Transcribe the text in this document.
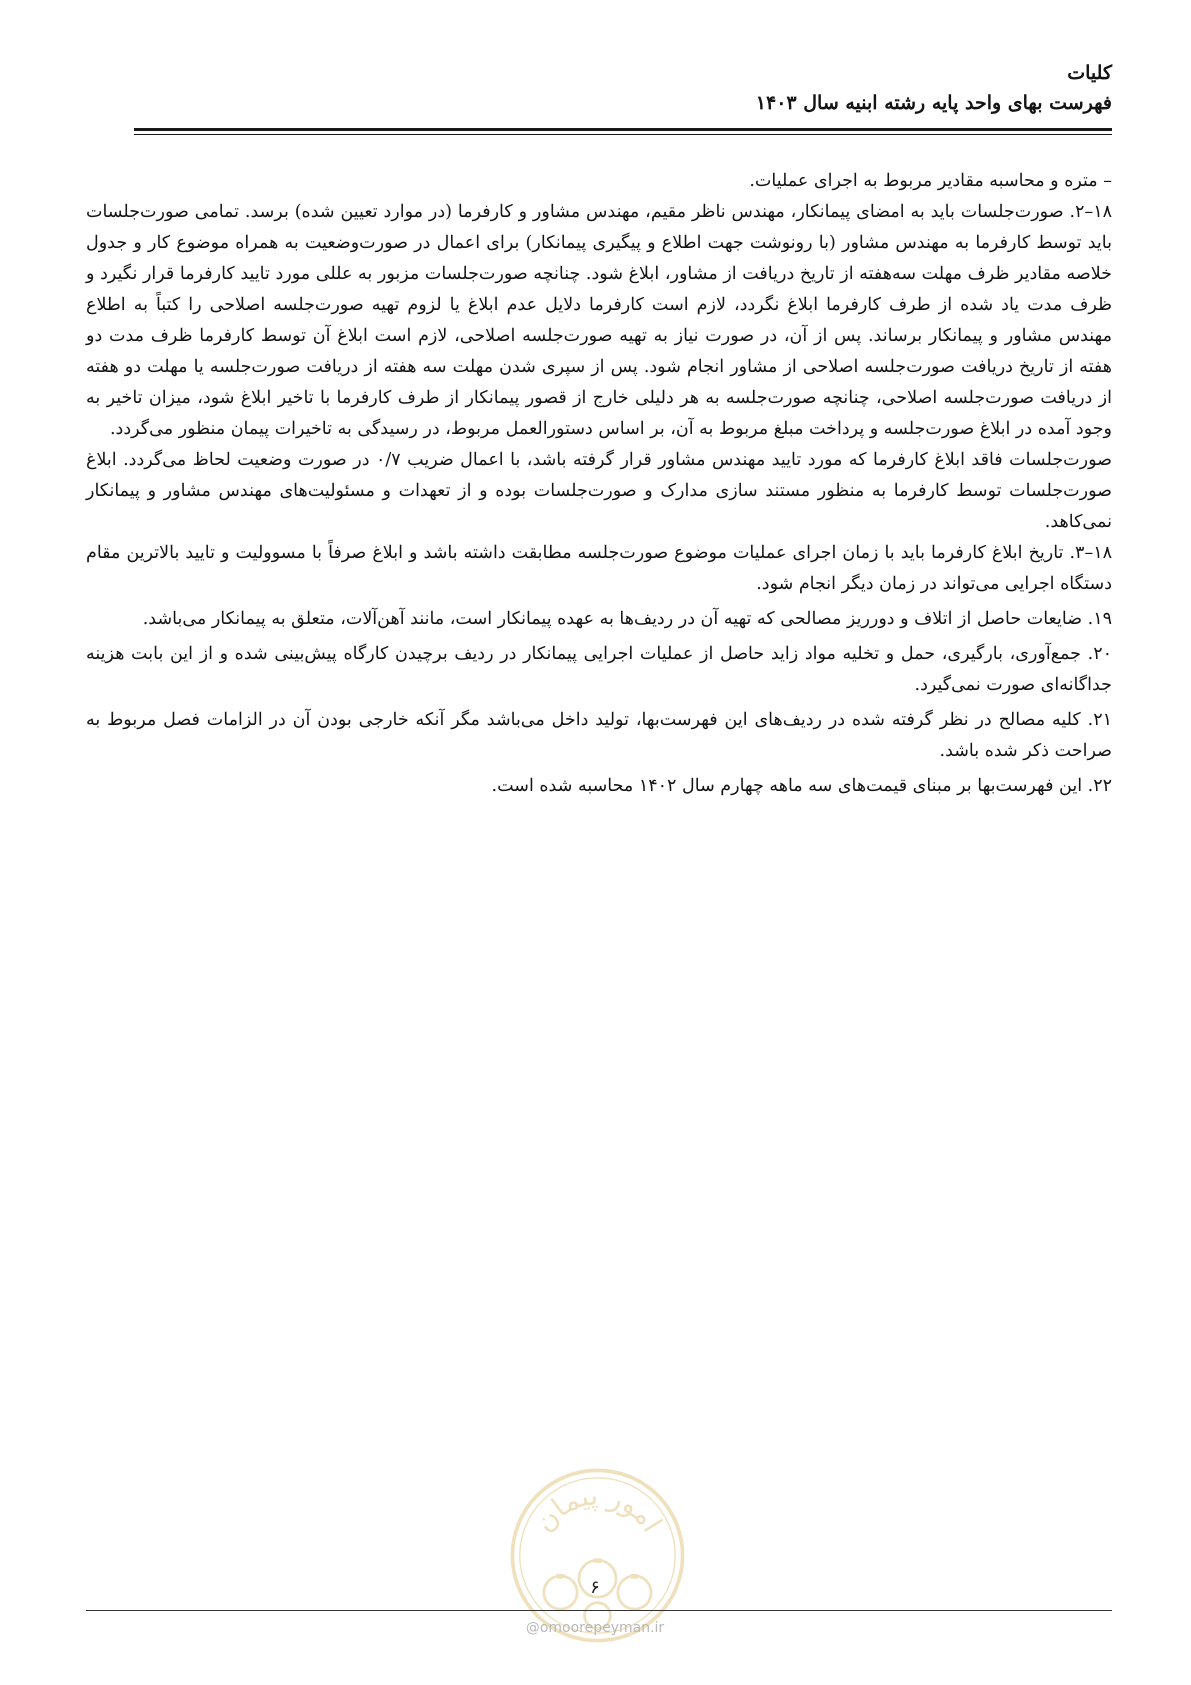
کلیات
فهرست بهای واحد پایه رشته ابنیه سال ۱۴۰۳

– متره و محاسبه مقادیر مربوط به اجرای عملیات.

۱۸–۲. صورت‌جلسات باید به امضای پیمانکار، مهندس ناظر مقیم، مهندس مشاور و کارفرما (در موارد تعیین شده) برسد. تمامی صورت‌جلسات باید توسط کارفرما به مهندس مشاور (با رونوشت جهت اطلاع و پیگیری پیمانکار) برای اعمال در صورت‌وضعیت به همراه موضوع کار و جدول خلاصه مقادیر ظرف مهلت سه‌هفته از تاریخ دریافت از مشاور، ابلاغ شود. چنانچه صورت‌جلسات مزبور به عللی مورد تایید کارفرما قرار نگیرد و ظرف مدت یاد شده از طرف کارفرما ابلاغ نگردد، لازم است کارفرما دلایل عدم ابلاغ یا لزوم تهیه صورت‌جلسه اصلاحی را کتباً به اطلاع مهندس مشاور و پیمانکار برساند. پس از آن، در صورت نیاز به تهیه صورت‌جلسه اصلاحی، لازم است ابلاغ آن توسط کارفرما ظرف مدت دو هفته از تاریخ دریافت صورت‌جلسه اصلاحی از مشاور انجام شود. پس از سپری شدن مهلت سه هفته از دریافت صورت‌جلسه یا مهلت دو هفته از دریافت صورت‌جلسه اصلاحی، چنانچه صورت‌جلسه به هر دلیلی خارج از قصور پیمانکار از طرف کارفرما با تاخیر ابلاغ شود، میزان تاخیر به وجود آمده در ابلاغ صورت‌جلسه و پرداخت مبلغ مربوط به آن، بر اساس دستورالعمل مربوط، در رسیدگی به تاخیرات پیمان منظور می‌گردد.

صورت‌جلسات فاقد ابلاغ کارفرما که مورد تایید مهندس مشاور قرار گرفته باشد، با اعمال ضریب ۰/۷ در صورت وضعیت لحاظ می‌گردد. ابلاغ صورت‌جلسات توسط کارفرما به منظور مستند سازی مدارک و صورت‌جلسات بوده و از تعهدات و مسئولیت‌های مهندس مشاور و پیمانکار نمی‌کاهد.

۱۸–۳. تاریخ ابلاغ کارفرما باید با زمان اجرای عملیات موضوع صورت‌جلسه مطابقت داشته باشد و ابلاغ صرفاً با مسوولیت و تایید بالاترین مقام دستگاه اجرایی می‌تواند در زمان دیگر انجام شود.

۱۹. ضایعات حاصل از اتلاف و دورریز مصالحی که تهیه آن در ردیف‌ها به عهده پیمانکار است، مانند آهن‌آلات، متعلق به پیمانکار می‌باشد.

۲۰. جمع‌آوری، بارگیری، حمل و تخلیه مواد زاید حاصل از عملیات اجرایی پیمانکار در ردیف برچیدن کارگاه پیش‌بینی شده و از این بابت هزینه جداگانه‌ای صورت نمی‌گیرد.

۲۱. کلیه مصالح در نظر گرفته شده در ردیف‌های این فهرست‌بها، تولید داخل می‌باشد مگر آنکه خارجی بودن آن در الزامات فصل مربوط به صراحت ذکر شده باشد.

۲۲. این فهرست‌بها بر مبنای قیمت‌های سه ماهه چهارم سال ۱۴۰۲ محاسبه شده است.

امور پیمان
۶
@omoorepeyman.ir
